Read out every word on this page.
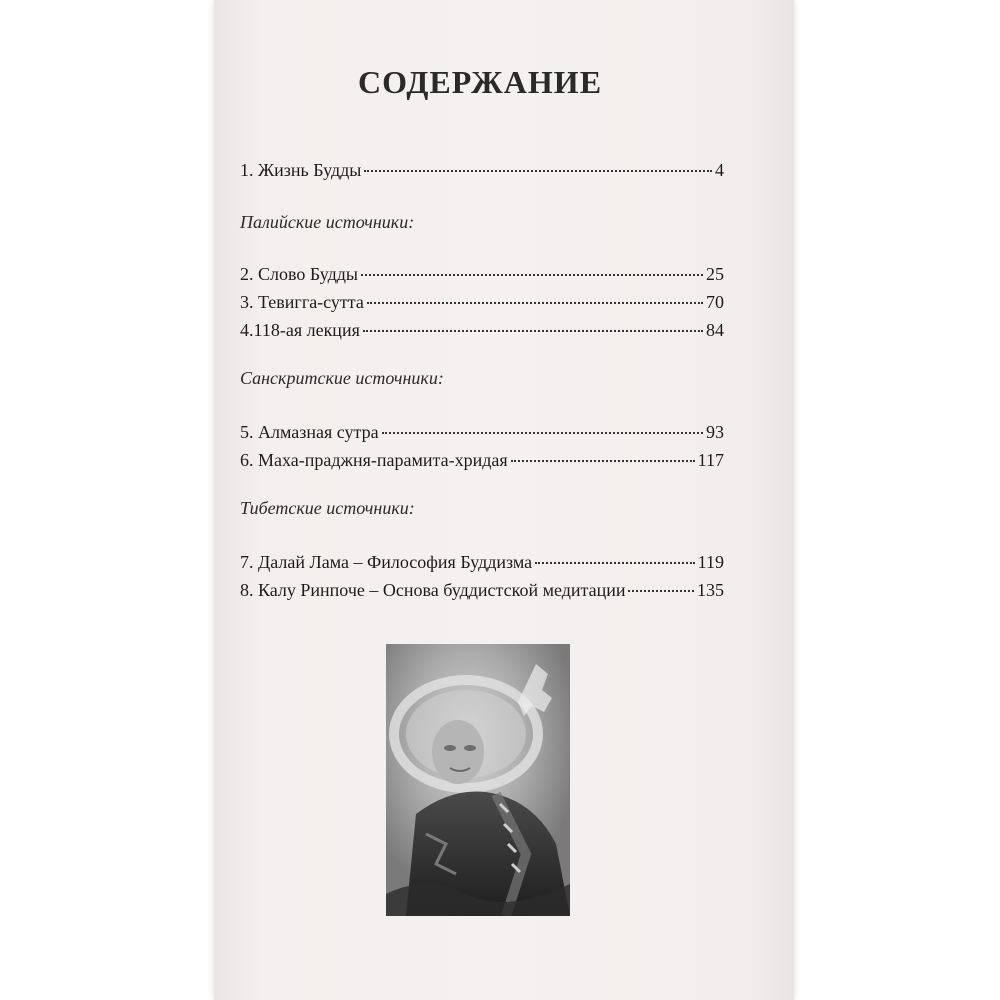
СОДЕРЖАНИЕ
1. Жизнь Будды	4
Палийские источники:
2. Слово Будды	25
3. Тевигга-сутта	70
4.118-ая лекция	84
Санскритские источники:
5. Алмазная сутра	93
6. Маха-праджня-парамита-хридая	117
Тибетские источники:
7. Далай Лама – Философия Буддизма	119
8. Калу Ринпоче – Основа буддистской медитации	135
